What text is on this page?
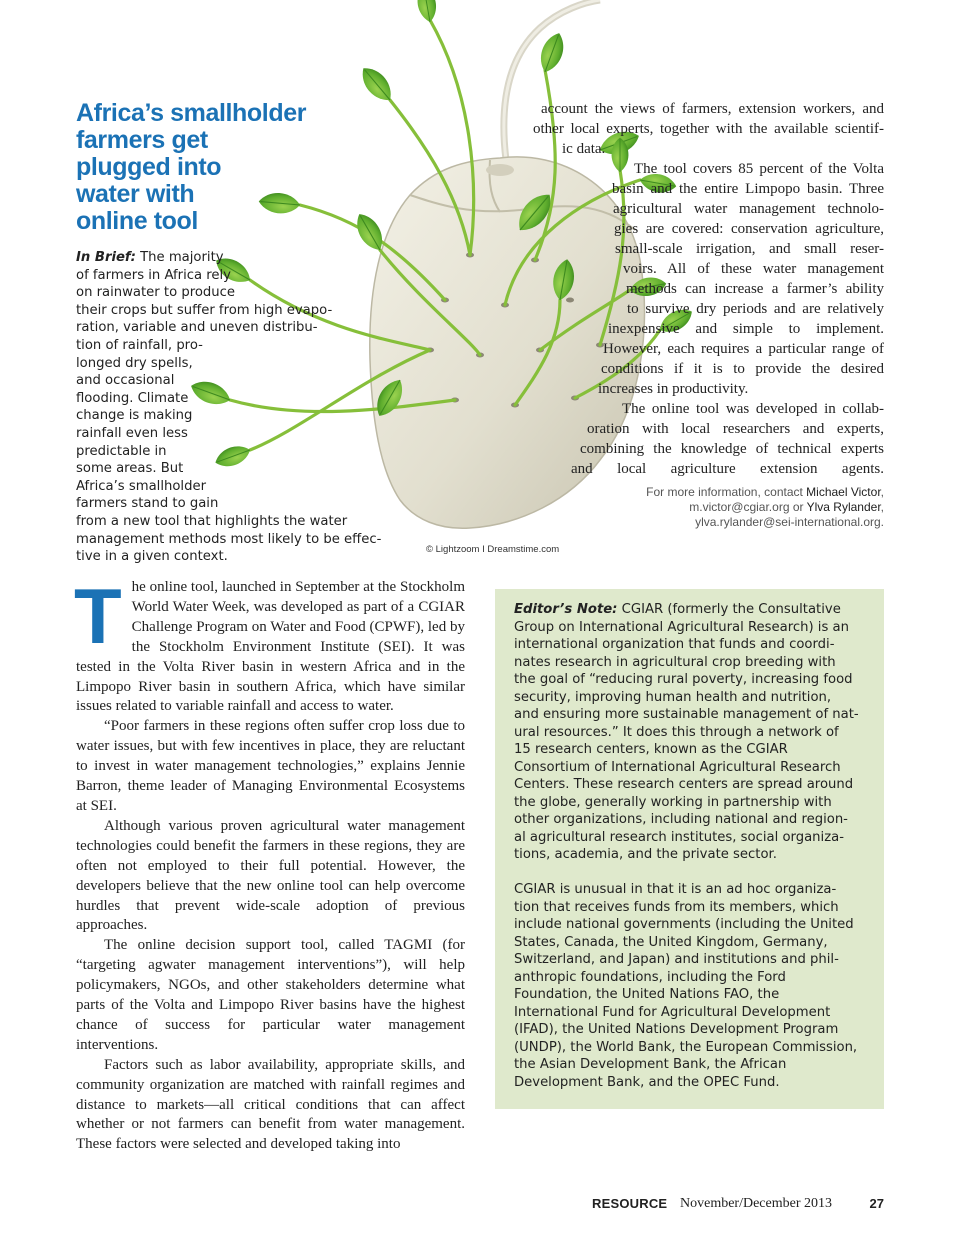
Africa’s smallholder
farmers get
plugged into
water with
online tool
In Brief: The majority
of farmers in Africa rely
on rainwater to produce
their crops but suffer from high evapo-
ration, variable and uneven distribu-
tion of rainfall, pro-
longed dry spells,
and occasional
flooding. Climate
change is making
rainfall even less
predictable in
some areas. But
Africa’s smallholder
farmers stand to gain
from a new tool that highlights the water
management methods most likely to be effec-
tive in a given context.	© Lightzoom I Dreamstime.com
account the views of farmers, extension workers, and
other local experts, together with the available scientif-
ic data.
The tool covers 85 percent of the Volta
basin and the entire Limpopo basin. Three
agricultural water management technolo-
gies are covered: conservation agriculture,
small-scale irrigation, and small reser-
voirs. All of these water management
methods can increase a farmer’s ability
to survive dry periods and are relatively
inexpensive and simple to implement.
However, each requires a particular range of
conditions if it is to provide the desired
increases in productivity.
The online tool was developed in collab-
oration with local researchers and experts,
combining the knowledge of technical experts
and local agriculture extension agents.
For more information, contact Michael Victor,
m.victor@cgiar.org or Ylva Rylander,
ylva.rylander@sei-international.org.

The online tool, launched in September at the Stockholm World Water Week, was developed as part of a CGIAR Challenge Program on Water and Food (CPWF), led by the Stockholm Environment Institute (SEI). It was tested in the Volta River basin in western Africa and in the Limpopo River basin in southern Africa, which have similar issues related to variable rainfall and access to water.

“Poor farmers in these regions often suffer crop loss due to water issues, but with few incentives in place, they are reluctant to invest in water management technologies,” explains Jennie Barron, theme leader of Managing Environmental Ecosystems at SEI.

Although various proven agricultural water management technologies could benefit the farmers in these regions, they are often not employed to their full potential. However, the developers believe that the new online tool can help overcome hurdles that prevent wide-scale adoption of previous approaches.

The online decision support tool, called TAGMI (for “targeting agwater management interventions”), will help policymakers, NGOs, and other stakeholders determine what parts of the Volta and Limpopo River basins have the highest chance of success for particular water management interventions.

Factors such as labor availability, appropriate skills, and community organization are matched with rainfall regimes and distance to markets—all critical conditions that can affect whether or not farmers can benefit from water management. These factors were selected and developed taking into

Editor’s Note: CGIAR (formerly the Consultative
Group on International Agricultural Research) is an
international organization that funds and coordi-
nates research in agricultural crop breeding with
the goal of “reducing rural poverty, increasing food
security, improving human health and nutrition,
and ensuring more sustainable management of nat-
ural resources.” It does this through a network of
15 research centers, known as the CGIAR
Consortium of International Agricultural Research
Centers. These research centers are spread around
the globe, generally working in partnership with
other organizations, including national and region-
al agricultural research institutes, social organiza-
tions, academia, and the private sector.
CGIAR is unusual in that it is an ad hoc organiza-
tion that receives funds from its members, which
include national governments (including the United
States, Canada, the United Kingdom, Germany,
Switzerland, and Japan) and institutions and phil-
anthropic foundations, including the Ford
Foundation, the United Nations FAO, the
International Fund for Agricultural Development
(IFAD), the United Nations Development Program
(UNDP), the World Bank, the European Commission,
the Asian Development Bank, the African
Development Bank, and the OPEC Fund.
RESOURCE November/December 2013	27
